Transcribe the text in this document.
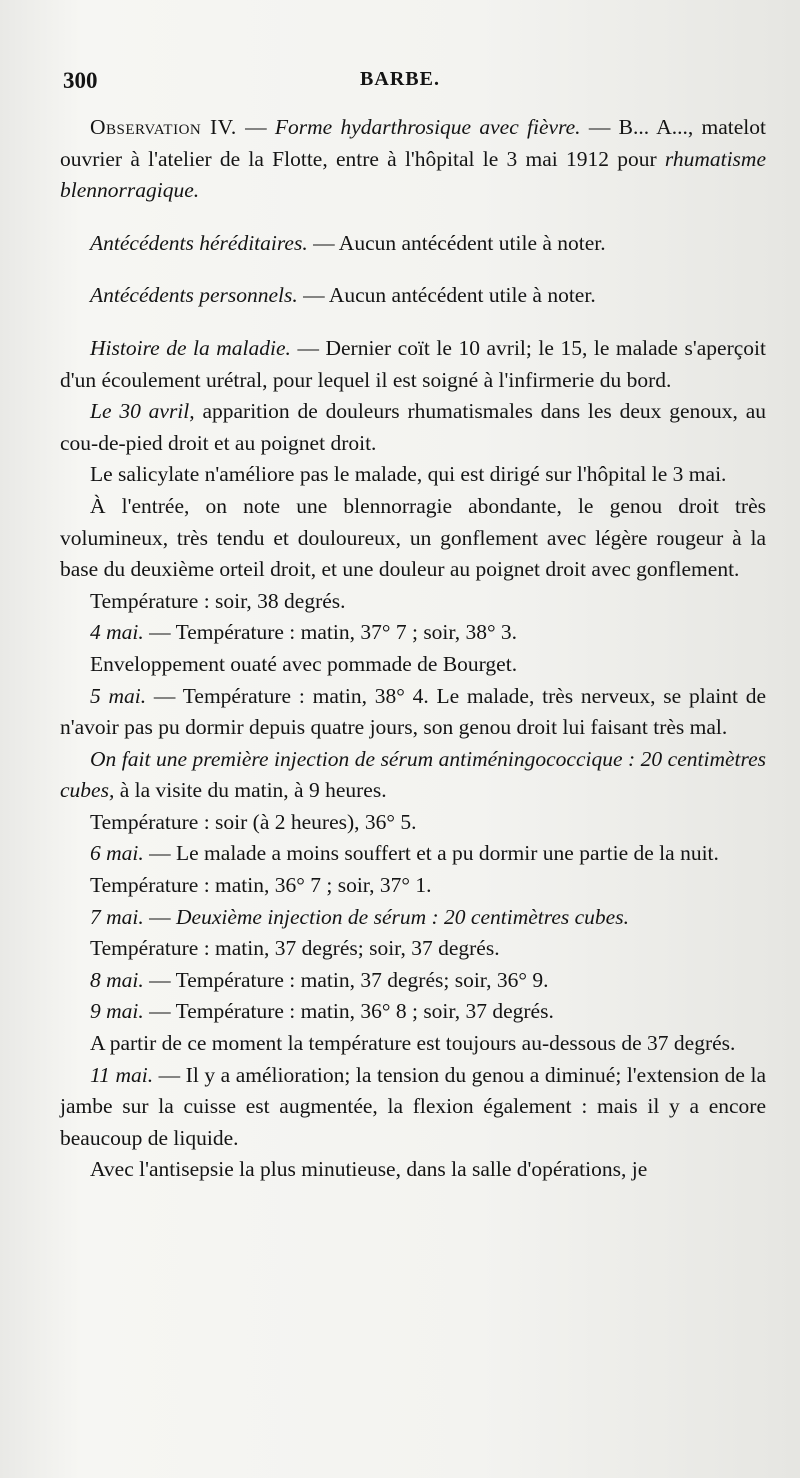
300	BARBE.

Observation IV. — Forme hydarthrosique avec fièvre. — B... A..., matelot ouvrier à l'atelier de la Flotte, entre à l'hôpital le 3 mai 1912 pour rhumatisme blennorragique.

Antécédents héréditaires. — Aucun antécédent utile à noter.

Antécédents personnels. — Aucun antécédent utile à noter.

Histoire de la maladie. — Dernier coït le 10 avril; le 15, le malade s'aperçoit d'un écoulement urétral, pour lequel il est soigné à l'infirmerie du bord.

Le 30 avril, apparition de douleurs rhumatismales dans les deux genoux, au cou-de-pied droit et au poignet droit.

Le salicylate n'améliore pas le malade, qui est dirigé sur l'hôpital le 3 mai.

À l'entrée, on note une blennorragie abondante, le genou droit très volumineux, très tendu et douloureux, un gonflement avec légère rougeur à la base du deuxième orteil droit, et une douleur au poignet droit avec gonflement.

Température : soir, 38 degrés.

4 mai. — Température : matin, 37° 7 ; soir, 38° 3.

Enveloppement ouaté avec pommade de Bourget.

5 mai. — Température : matin, 38° 4. Le malade, très nerveux, se plaint de n'avoir pas pu dormir depuis quatre jours, son genou droit lui faisant très mal.

On fait une première injection de sérum antiméningococcique : 20 centimètres cubes, à la visite du matin, à 9 heures.

Température : soir (à 2 heures), 36° 5.

6 mai. — Le malade a moins souffert et a pu dormir une partie de la nuit.

Température : matin, 36° 7 ; soir, 37° 1.

7 mai. — Deuxième injection de sérum : 20 centimètres cubes.

Température : matin, 37 degrés; soir, 37 degrés.

8 mai. — Température : matin, 37 degrés; soir, 36° 9.

9 mai. — Température : matin, 36° 8 ; soir, 37 degrés.

A partir de ce moment la température est toujours au-dessous de 37 degrés.

11 mai. — Il y a amélioration; la tension du genou a diminué; l'extension de la jambe sur la cuisse est augmentée, la flexion également : mais il y a encore beaucoup de liquide.

Avec l'antisepsie la plus minutieuse, dans la salle d'opérations, je
